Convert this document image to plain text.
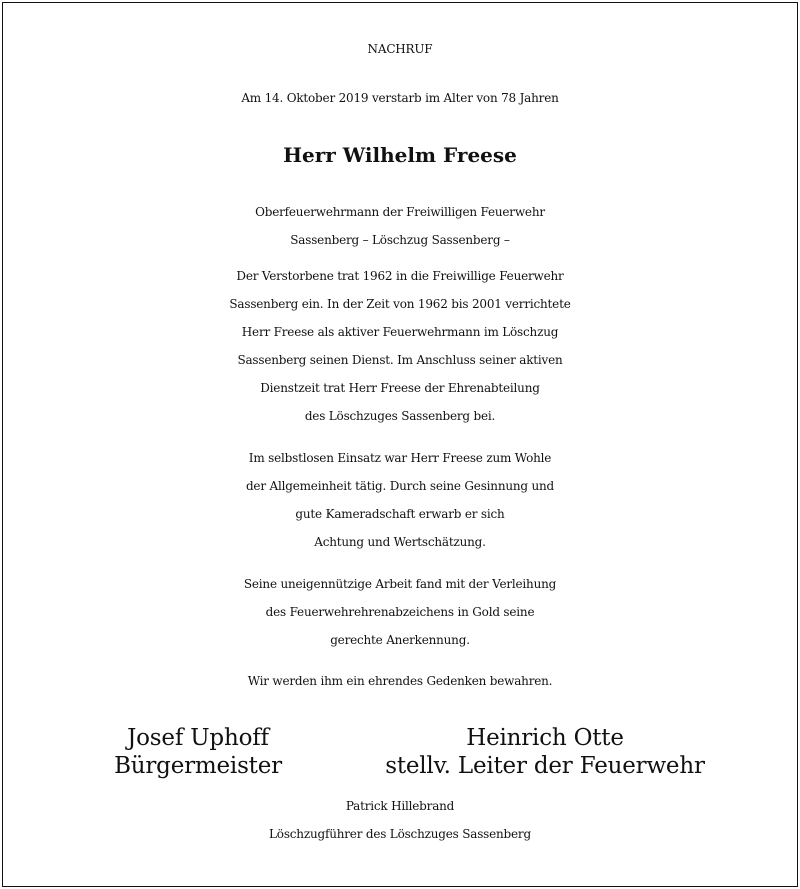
NACHRUF
Am 14. Oktober 2019 verstarb im Alter von 78 Jahren
Herr Wilhelm Freese
Oberfeuerwehrmann der Freiwilligen Feuerwehr
Sassenberg – Löschzug Sassenberg –
Der Verstorbene trat 1962 in die Freiwillige Feuerwehr
Sassenberg ein. In der Zeit von 1962 bis 2001 verrichtete
Herr Freese als aktiver Feuerwehrmann im Löschzug
Sassenberg seinen Dienst. Im Anschluss seiner aktiven
Dienstzeit trat Herr Freese der Ehrenabteilung
des Löschzuges Sassenberg bei.
Im selbstlosen Einsatz war Herr Freese zum Wohle
der Allgemeinheit tätig. Durch seine Gesinnung und
gute Kameradschaft erwarb er sich
Achtung und Wertschätzung.
Seine uneigennützige Arbeit fand mit der Verleihung
des Feuerwehrehrenabzeichens in Gold seine
gerechte Anerkennung.
Wir werden ihm ein ehrendes Gedenken bewahren.
Josef Uphoff
Bürgermeister
Heinrich Otte
stellv. Leiter der Feuerwehr
Patrick Hillebrand
Löschzugführer des Löschzuges Sassenberg
